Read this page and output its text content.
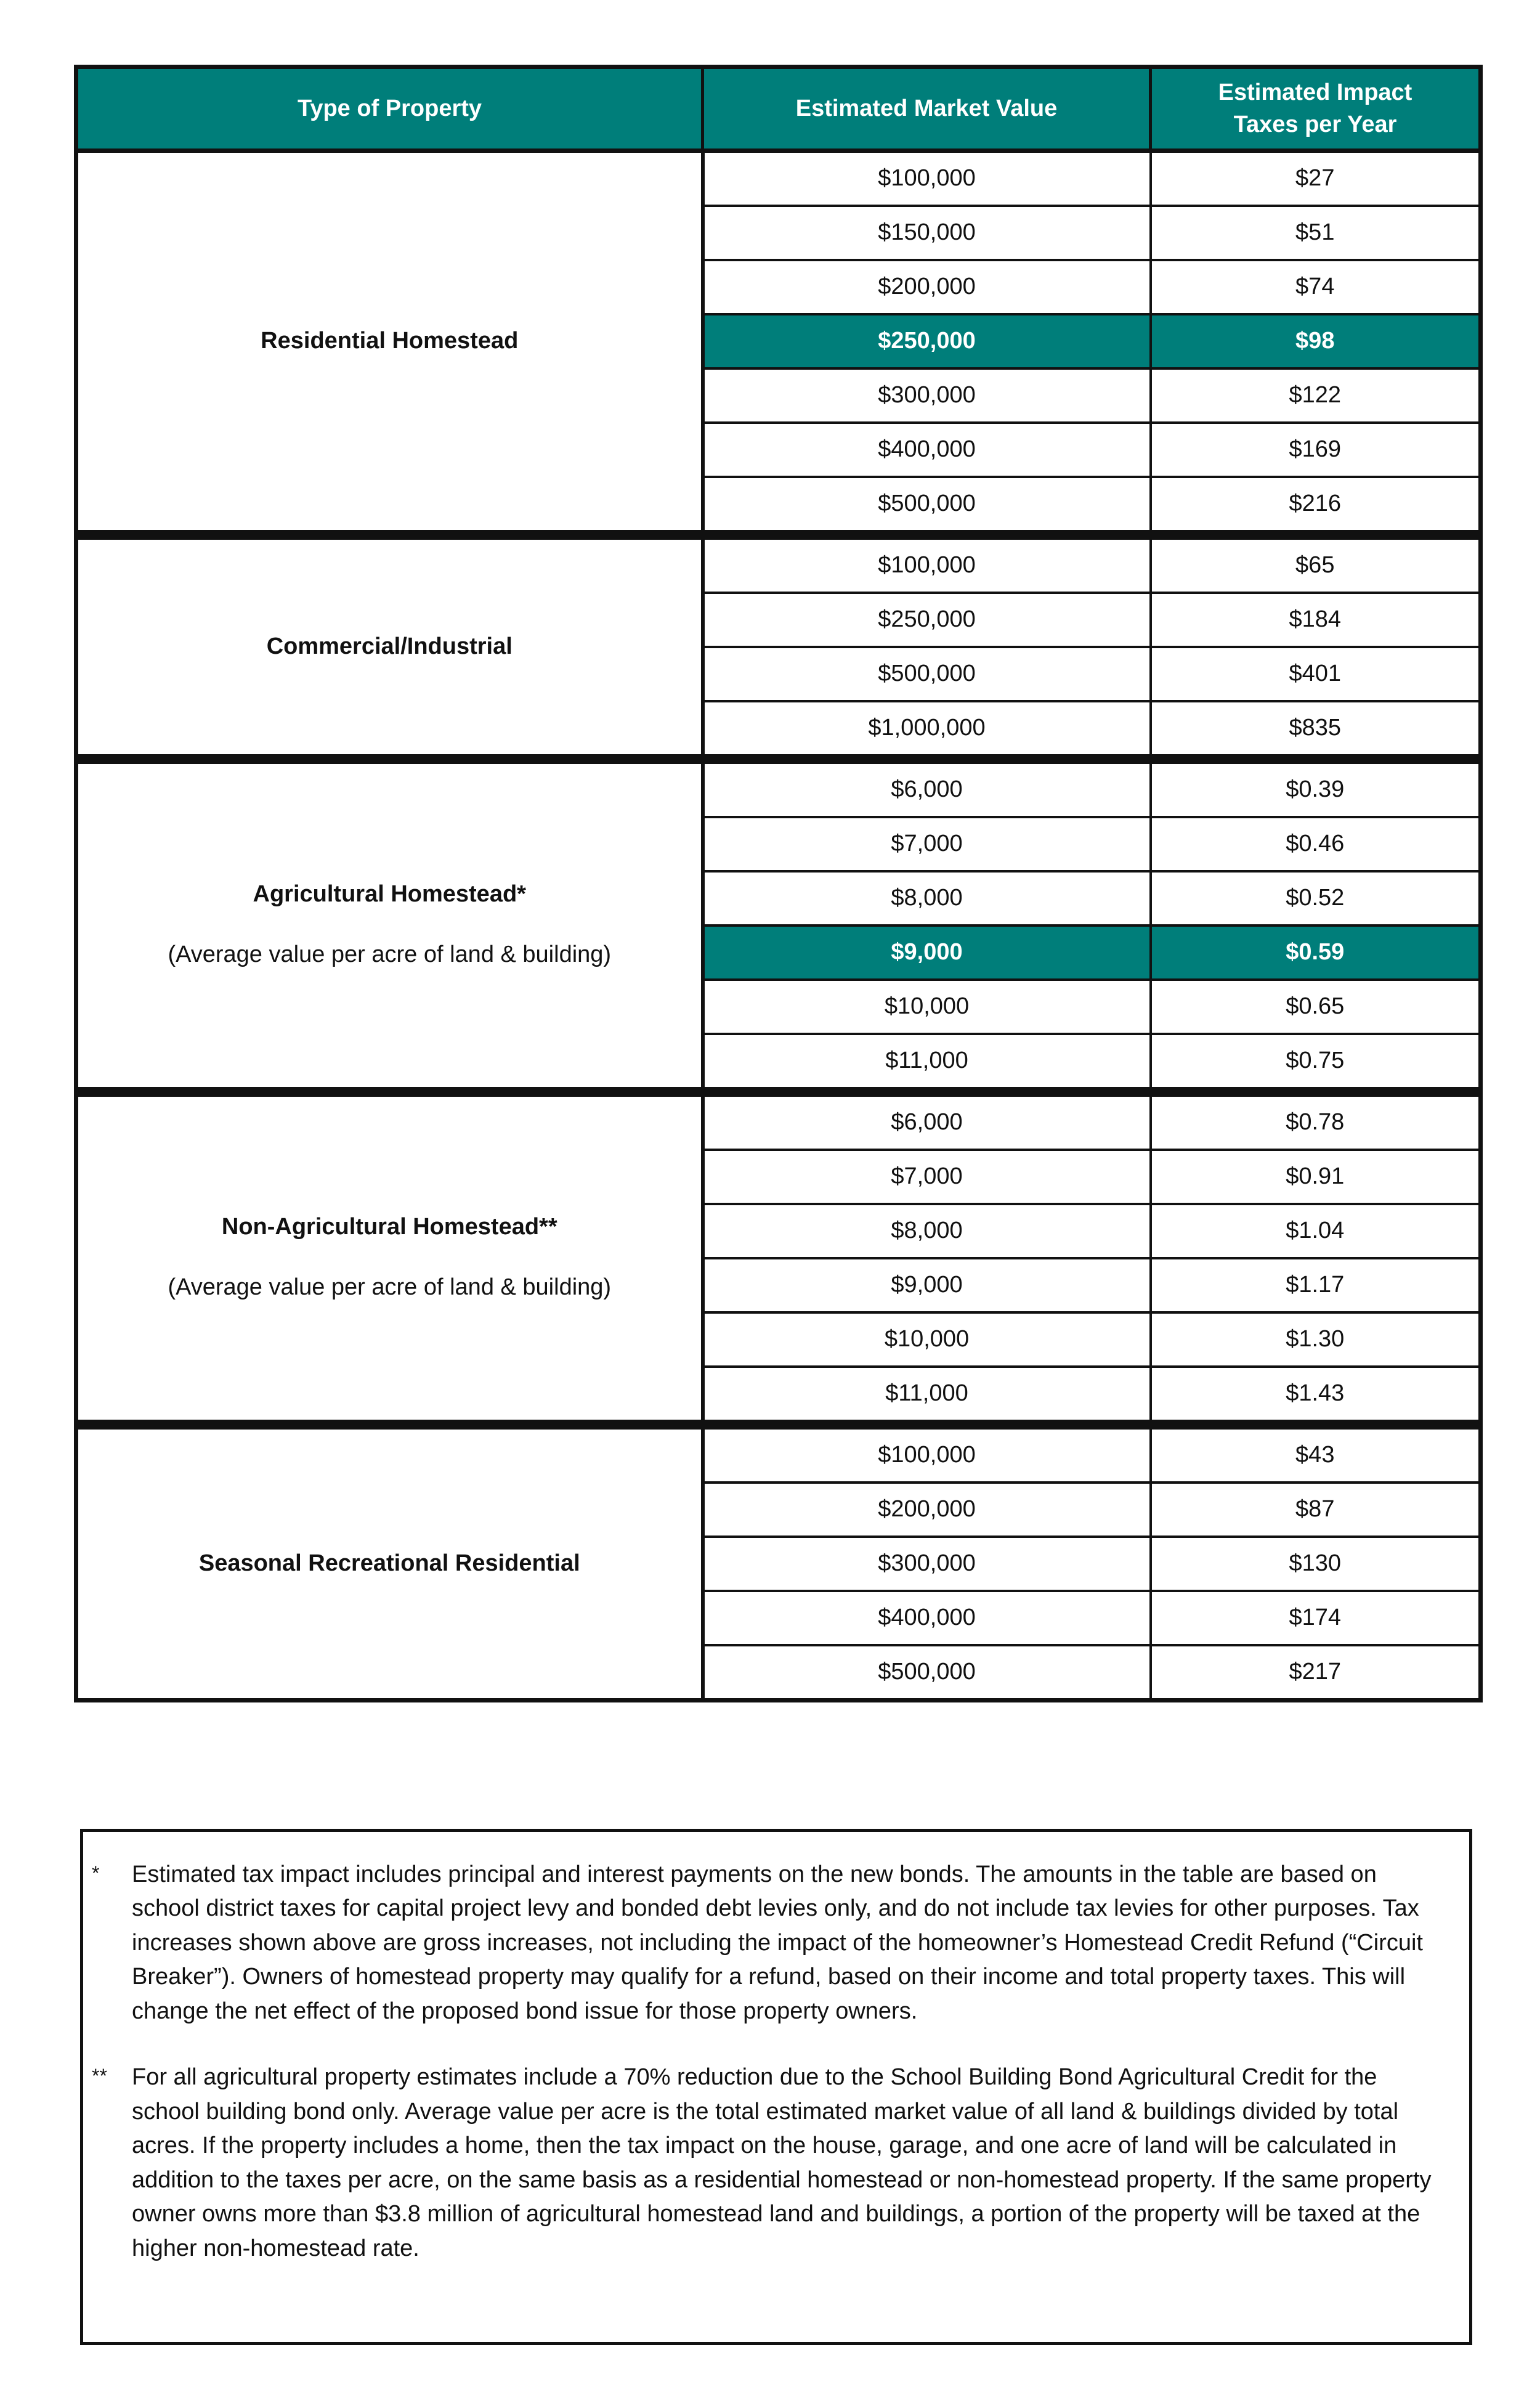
Type of Property	Estimated Market Value	Estimated Impact
Taxes per Year

Residential Homestead	$100,000	$27
	$150,000	$51
	$200,000	$74
	$250,000	$98
	$300,000	$122
	$400,000	$169
	$500,000	$216

Commercial/Industrial	$100,000	$65
	$250,000	$184
	$500,000	$401
	$1,000,000	$835

Agricultural Homestead*
(Average value per acre of land & building)	$6,000	$0.39
	$7,000	$0.46
	$8,000	$0.52
	$9,000	$0.59
	$10,000	$0.65
	$11,000	$0.75

Non-Agricultural Homestead**
(Average value per acre of land & building)	$6,000	$0.78
	$7,000	$0.91
	$8,000	$1.04
	$9,000	$1.17
	$10,000	$1.30
	$11,000	$1.43

Seasonal Recreational Residential	$100,000	$43
	$200,000	$87
	$300,000	$130
	$400,000	$174
	$500,000	$217
*	Estimated tax impact includes principal and interest payments on the new bonds. The amounts in the table are based on school district taxes for capital project levy and bonded debt levies only, and do not include tax levies for other purposes. Tax increases shown above are gross increases, not including the impact of the homeowner’s Homestead Credit Refund (“Circuit Breaker”). Owners of homestead property may qualify for a refund, based on their income and total property taxes. This will change the net effect of the proposed bond issue for those property owners.
**	For all agricultural property estimates include a 70% reduction due to the School Building Bond Agricultural Credit for the school building bond only. Average value per acre is the total estimated market value of all land & buildings divided by total acres. If the property includes a home, then the tax impact on the house, garage, and one acre of land will be calculated in addition to the taxes per acre, on the same basis as a residential homestead or non-homestead property. If the same property owner owns more than $3.8 million of agricultural homestead land and buildings, a portion of the property will be taxed at the higher non-homestead rate.
